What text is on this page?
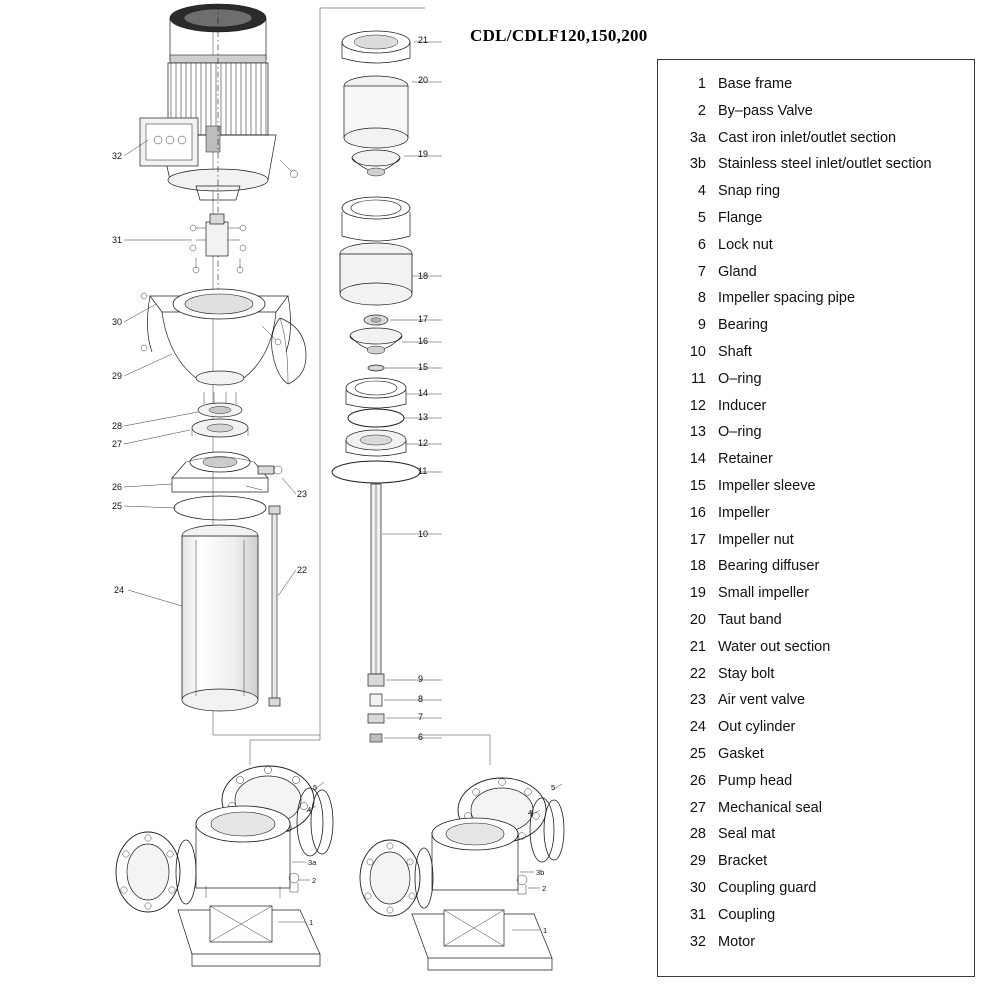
CDL/CDLF120,150,200
32
31
30
29
28
27
26
25
24
23
22
21
20
19
18
17
16
15
14
13
12
11
10
9
8
7
6
5
4
3a
2
1
5
4
3b
2
1
1 Base frame
2 By–pass Valve
3a Cast iron inlet/outlet section
3b Stainless steel inlet/outlet section
4 Snap ring
5 Flange
6 Lock nut
7 Gland
8 Impeller spacing pipe
9 Bearing
10 Shaft
11 O–ring
12 Inducer
13 O–ring
14 Retainer
15 Impeller sleeve
16 Impeller
17 Impeller nut
18 Bearing diffuser
19 Small impeller
20 Taut band
21 Water out section
22 Stay bolt
23 Air vent valve
24 Out cylinder
25 Gasket
26 Pump head
27 Mechanical seal
28 Seal mat
29 Bracket
30 Coupling guard
31 Coupling
32 Motor
